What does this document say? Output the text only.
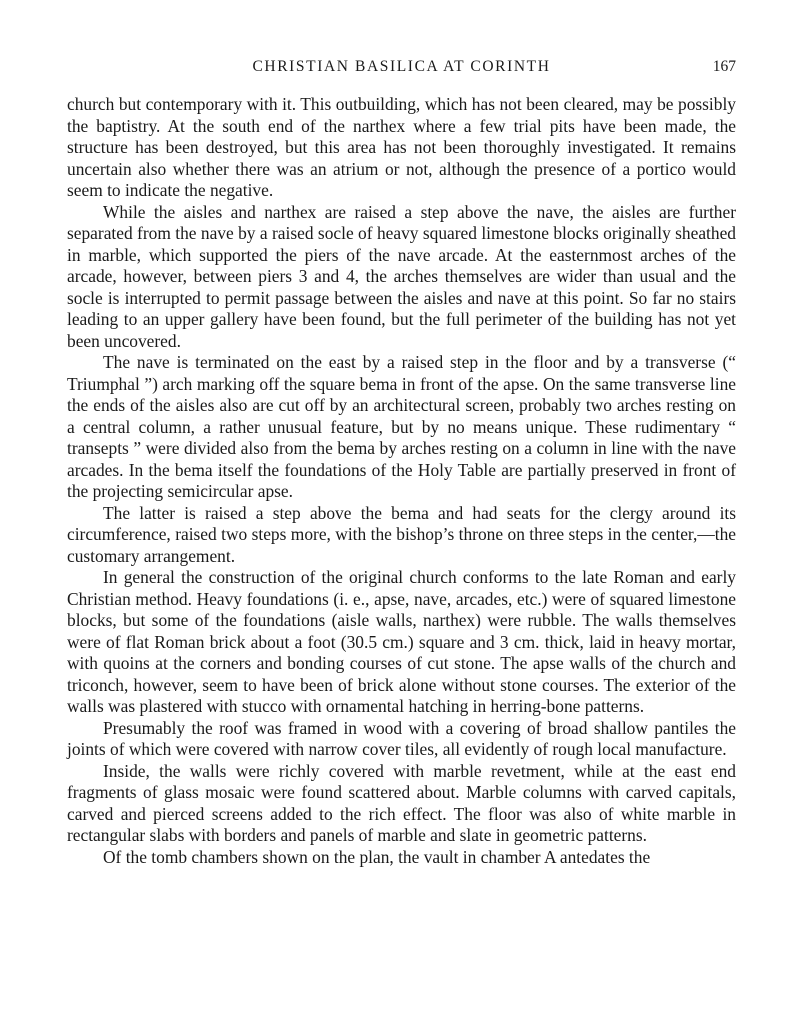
CHRISTIAN BASILICA AT CORINTH	167

church but contemporary with it. This outbuilding, which has not been cleared, may be possibly the baptistry. At the south end of the narthex where a few trial pits have been made, the structure has been destroyed, but this area has not been thoroughly investigated. It remains uncertain also whether there was an atrium or not, although the presence of a portico would seem to indicate the negative.

While the aisles and narthex are raised a step above the nave, the aisles are further separated from the nave by a raised socle of heavy squared limestone blocks originally sheathed in marble, which supported the piers of the nave arcade. At the easternmost arches of the arcade, however, between piers 3 and 4, the arches themselves are wider than usual and the socle is interrupted to permit passage between the aisles and nave at this point. So far no stairs leading to an upper gallery have been found, but the full perimeter of the building has not yet been uncovered.

The nave is terminated on the east by a raised step in the floor and by a transverse (“ Triumphal ”) arch marking off the square bema in front of the apse. On the same transverse line the ends of the aisles also are cut off by an architectural screen, probably two arches resting on a central column, a rather unusual feature, but by no means unique. These rudimentary “ transepts ” were divided also from the bema by arches resting on a column in line with the nave arcades. In the bema itself the foundations of the Holy Table are partially preserved in front of the projecting semicircular apse.

The latter is raised a step above the bema and had seats for the clergy around its circumference, raised two steps more, with the bishop’s throne on three steps in the center,—the customary arrangement.

In general the construction of the original church conforms to the late Roman and early Christian method. Heavy foundations (i. e., apse, nave, arcades, etc.) were of squared limestone blocks, but some of the foundations (aisle walls, narthex) were rubble. The walls themselves were of flat Roman brick about a foot (30.5 cm.) square and 3 cm. thick, laid in heavy mortar, with quoins at the corners and bonding courses of cut stone. The apse walls of the church and triconch, however, seem to have been of brick alone without stone courses. The exterior of the walls was plastered with stucco with ornamental hatching in herring-bone patterns.

Presumably the roof was framed in wood with a covering of broad shallow pantiles the joints of which were covered with narrow cover tiles, all evidently of rough local manufacture.

Inside, the walls were richly covered with marble revetment, while at the east end fragments of glass mosaic were found scattered about. Marble columns with carved capitals, carved and pierced screens added to the rich effect. The floor was also of white marble in rectangular slabs with borders and panels of marble and slate in geometric patterns.

Of the tomb chambers shown on the plan, the vault in chamber A antedates the
